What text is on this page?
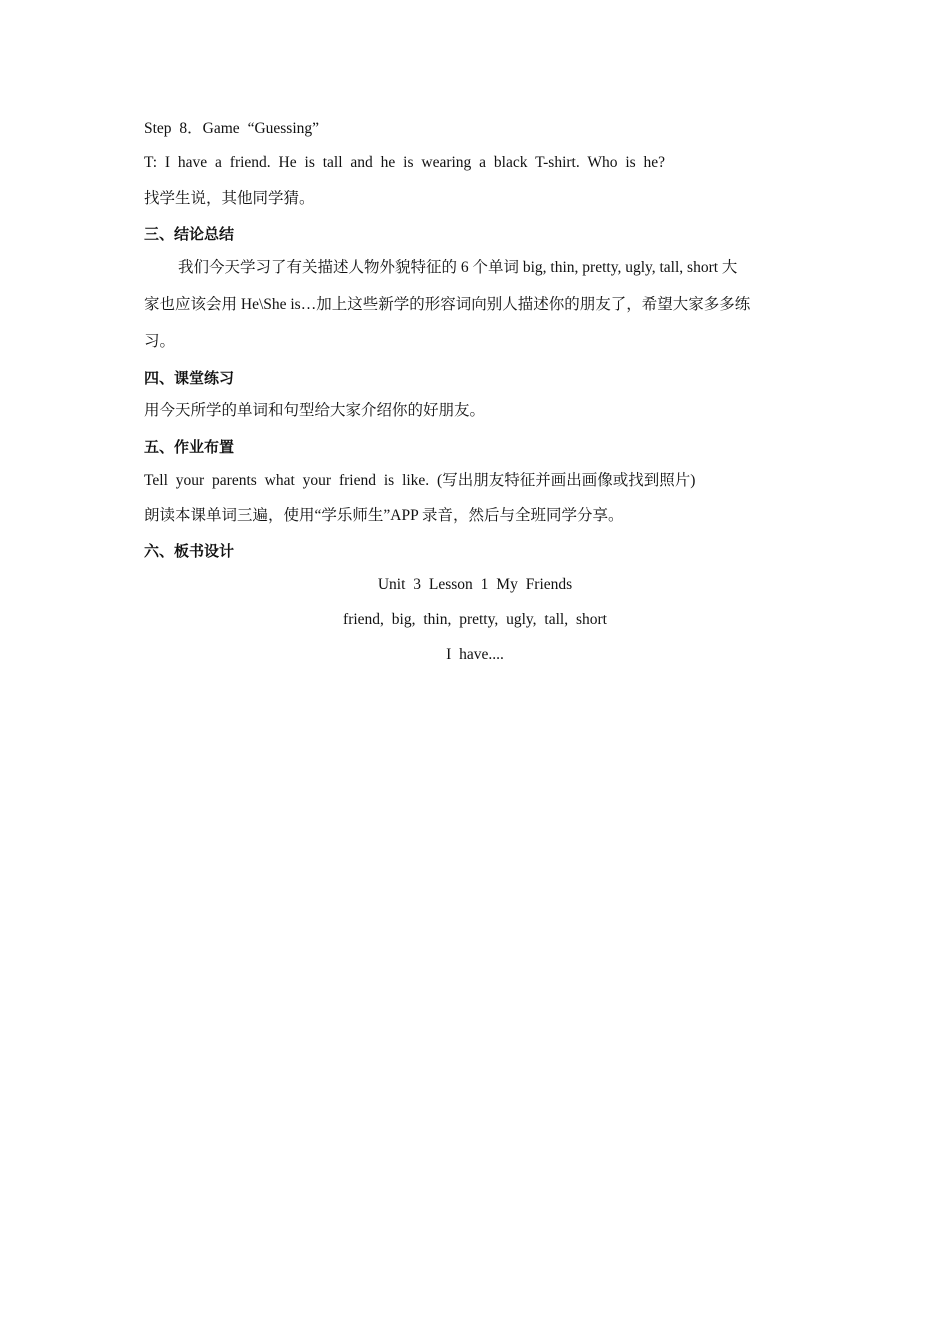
Step 8．Game “Guessing”
T: I have a friend. He is tall and he is wearing a black T-shirt. Who is he?
找学生说，其他同学猜。
三、结论总结
我们今天学习了有关描述人物外貌特征的 6 个单词 big, thin, pretty, ugly, tall, short 大
家也应该会用 He\She is…加上这些新学的形容词向别人描述你的朋友了，希望大家多多练
习。
四、课堂练习
用今天所学的单词和句型给大家介绍你的好朋友。
五、作业布置
Tell your parents what your friend is like. (写出朋友特征并画出画像或找到照片)
朗读本课单词三遍，使用“学乐师生”APP 录音，然后与全班同学分享。
六、板书设计
Unit 3 Lesson 1 My Friends
friend, big, thin, pretty, ugly, tall, short
I have....
